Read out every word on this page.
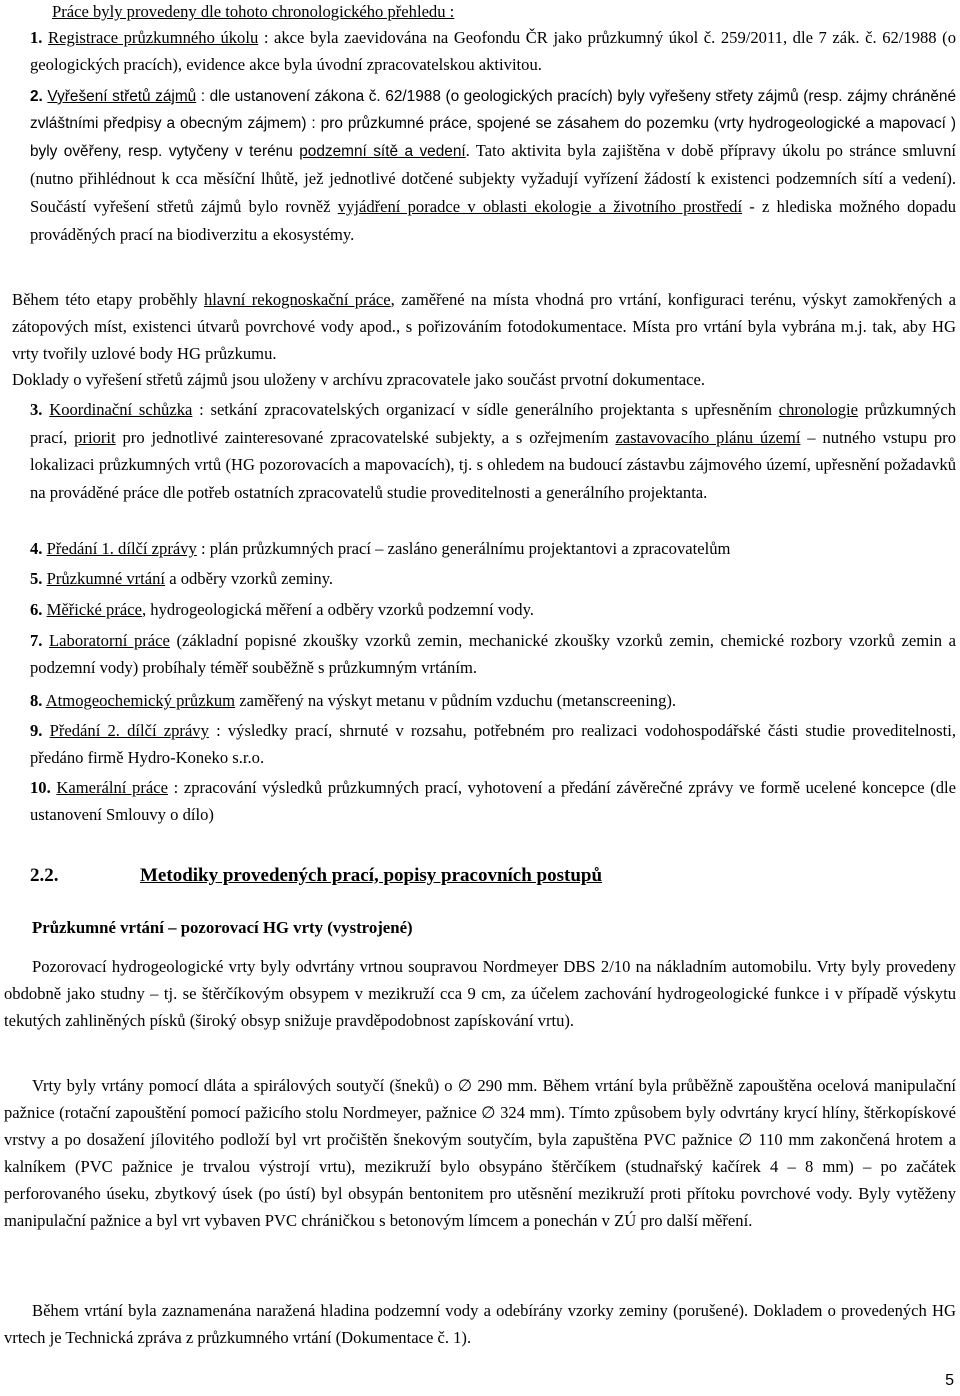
Práce byly provedeny dle tohoto chronologického přehledu :

1. Registrace průzkumného úkolu : akce byla zaevidována na Geofondu ČR jako průzkumný úkol č. 259/2011, dle 7 zák. č. 62/1988 (o geologických pracích), evidence akce byla úvodní zpracovatelskou aktivitou.

2. Vyřešení střetů zájmů : dle ustanovení zákona č. 62/1988 (o geologických pracích) byly vyřešeny střety zájmů (resp. zájmy chráněné zvláštními předpisy a obecným zájmem) : pro průzkumné práce, spojené se zásahem do pozemku (vrty hydrogeologické a mapovací ) byly ověřeny, resp. vytyčeny v terénu podzemní sítě a vedení. Tato aktivita byla zajištěna v době přípravy úkolu po stránce smluvní (nutno přihlédnout k cca měsíční lhůtě, jež jednotlivé dotčené subjekty vyžadují vyřízení žádostí k existenci podzemních sítí a vedení). Součástí vyřešení střetů zájmů bylo rovněž vyjádření poradce v oblasti ekologie a životního prostředí - z hlediska možného dopadu prováděných prací na biodiverzitu a ekosystémy.

Během této etapy proběhly hlavní rekognoskační práce, zaměřené na místa vhodná pro vrtání, konfiguraci terénu, výskyt zamokřených a zátopových míst, existenci útvarů povrchové vody apod., s pořizováním fotodokumentace. Místa pro vrtání byla vybrána m.j. tak, aby HG vrty tvořily uzlové body HG průzkumu.

Doklady o vyřešení střetů zájmů jsou uloženy v archívu zpracovatele jako součást prvotní dokumentace.

3. Koordinační schůzka : setkání zpracovatelských organizací v sídle generálního projektanta s upřesněním chronologie průzkumných prací, priorit pro jednotlivé zainteresované zpracovatelské subjekty, a s ozřejmením zastavovacího plánu území – nutného vstupu pro lokalizaci průzkumných vrtů (HG pozorovacích a mapovacích), tj. s ohledem na budoucí zástavbu zájmového území, upřesnění požadavků na prováděné práce dle potřeb ostatních zpracovatelů studie proveditelnosti a generálního projektanta.

4. Předání 1. dílčí zprávy : plán průzkumných prací – zasláno generálnímu projektantovi a zpracovatelům

5. Průzkumné vrtání a odběry vzorků zeminy.

6. Měřické práce, hydrogeologická měření a odběry vzorků podzemní vody.

7. Laboratorní práce (základní popisné zkoušky vzorků zemin, mechanické zkoušky vzorků zemin, chemické rozbory vzorků zemin a podzemní vody) probíhaly téměř souběžně s průzkumným vrtáním.

8. Atmogeochemický průzkum zaměřený na výskyt metanu v půdním vzduchu (metanscreening).

9. Předání 2. dílčí zprávy : výsledky prací, shrnuté v rozsahu, potřebném pro realizaci vodohospodářské části studie proveditelnosti, předáno firmě Hydro-Koneko s.r.o.

10. Kamerální práce : zpracování výsledků průzkumných prací, vyhotovení a předání závěrečné zprávy ve formě ucelené koncepce (dle ustanovení Smlouvy o dílo)

2.2.	Metodiky provedených prací, popisy pracovních postupů

Průzkumné vrtání – pozorovací HG vrty (vystrojené)

Pozorovací hydrogeologické vrty byly odvrtány vrtnou soupravou Nordmeyer DBS 2/10 na nákladním automobilu. Vrty byly provedeny obdobně jako studny – tj. se štěrčíkovým obsypem v mezikruží cca 9 cm, za účelem zachování hydrogeologické funkce i v případě výskytu tekutých zahliněných písků (široký obsyp snižuje pravděpodobnost zapískování vrtu).

Vrty byly vrtány pomocí dláta a spirálových soutyčí (šneků) o ∅ 290 mm. Během vrtání byla průběžně zapouštěna ocelová manipulační pažnice (rotační zapouštění pomocí pažicího stolu Nordmeyer, pažnice ∅ 324 mm). Tímto způsobem byly odvrtány krycí hlíny, štěrkopískové vrstvy a po dosažení jílovitého podloží byl vrt pročištěn šnekovým soutyčím, byla zapuštěna PVC pažnice ∅ 110 mm zakončená hrotem a kalníkem (PVC pažnice je trvalou výstrojí vrtu), mezikruží bylo obsypáno štěrčíkem (studnařský kačírek 4 – 8 mm) – po začátek perforovaného úseku, zbytkový úsek (po ústí) byl obsypán bentonitem pro utěsnění mezikruží proti přítoku povrchové vody. Byly vytěženy manipulační pažnice a byl vrt vybaven PVC chráničkou s betonovým límcem a ponechán v ZÚ pro další měření.

Během vrtání byla zaznamenána naražená hladina podzemní vody a odebírány vzorky zeminy (porušené). Dokladem o provedených HG vrtech je Technická zpráva z průzkumného vrtání (Dokumentace č. 1).

5
